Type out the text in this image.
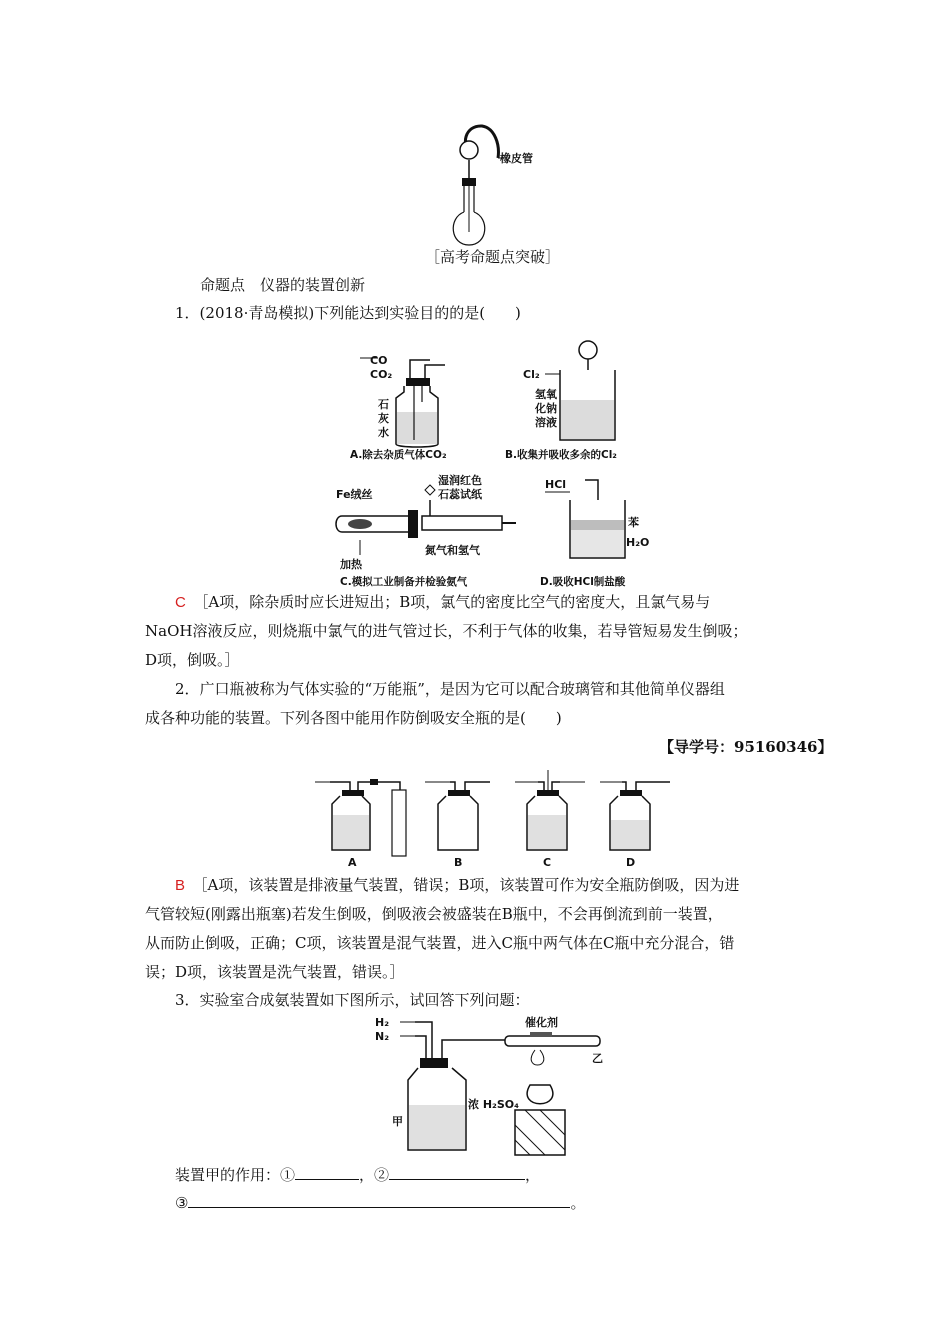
橡皮管
［高考命题点突破］
命题点　仪器的装置创新
1．(2018·青岛模拟)下列能达到实验目的的是(　　)
CO
CO₂
石
灰
水
A.除去杂质气体CO₂
Cl₂
氢氧
化钠
溶液
B.收集并吸收多余的Cl₂
Fe绒丝
湿润红色
石蕊试纸
加热
氮气和氢气
C.模拟工业制备并检验氨气
HCl
苯
H₂O
D.吸收HCl制盐酸
C　 ［A项，除杂质时应长进短出；B项，氯气的密度比空气的密度大，且氯气易与
NaOH溶液反应，则烧瓶中氯气的进气管过长，不利于气体的收集，若导管短易发生倒吸；
D项，倒吸。］
2．广口瓶被称为气体实验的“万能瓶”，是因为它可以配合玻璃管和其他简单仪器组
成各种功能的装置。下列各图中能用作防倒吸安全瓶的是(　　)
【导学号：95160346】
A	B	C	D
B　 ［A项，该装置是排液量气装置，错误；B项，该装置可作为安全瓶防倒吸，因为进
气管较短(刚露出瓶塞)若发生倒吸，倒吸液会被盛装在B瓶中，不会再倒流到前一装置，
从而防止倒吸，正确；C项，该装置是混气装置，进入C瓶中两气体在C瓶中充分混合，错
误；D项，该装置是洗气装置，错误。］
3．实验室合成氨装置如下图所示，试回答下列问题：
H₂
N₂
催化剂
乙
甲
浓 H₂SO₄
装置甲的作用：①	，②	，
③	。
